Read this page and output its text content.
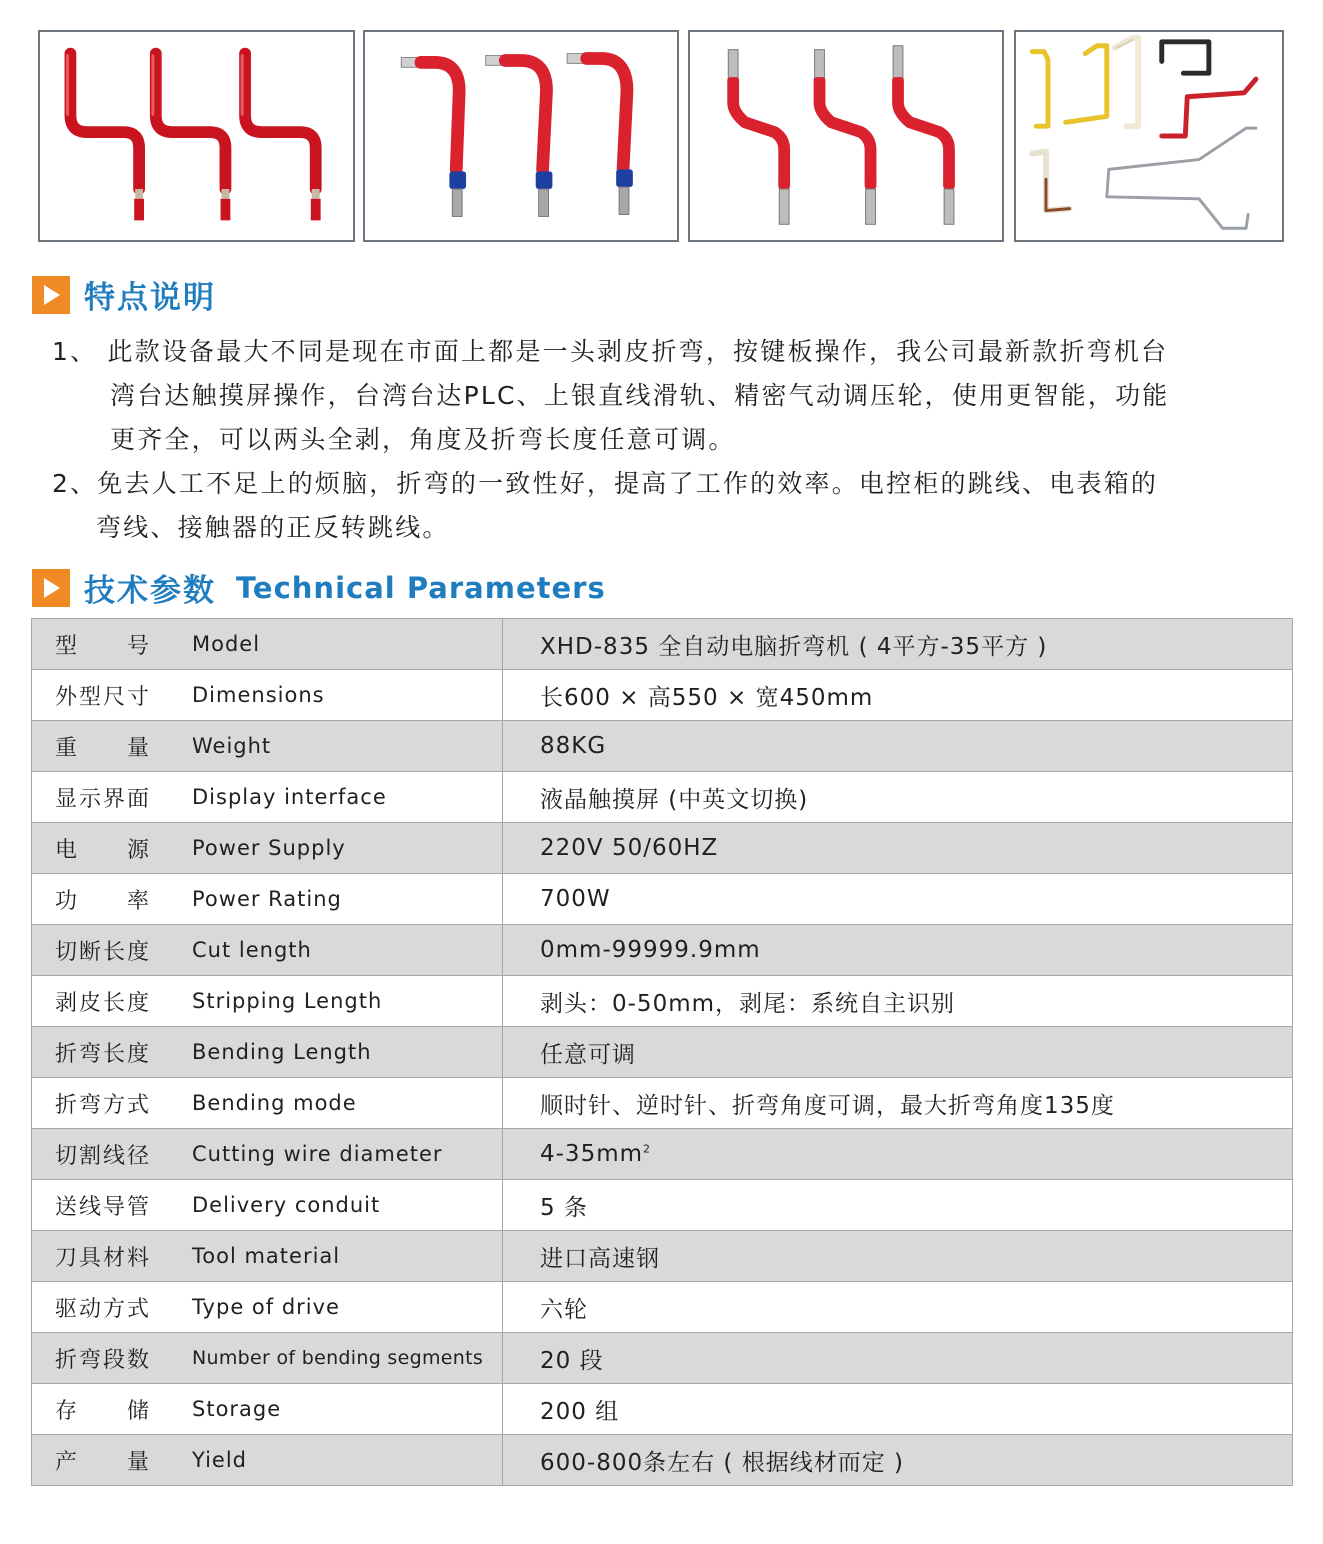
特点说明
1、 此款设备最大不同是现在市面上都是一头剥皮折弯，按键板操作，我公司最新款折弯机台
湾台达触摸屏操作，台湾台达PLC、上银直线滑轨、精密气动调压轮，使用更智能，功能
更齐全，可以两头全剥，角度及折弯长度任意可调。
2、免去人工不足上的烦脑，折弯的一致性好，提高了工作的效率。电控柜的跳线、电表箱的
弯线、接触器的正反转跳线。
技术参数 Technical Parameters
型　　号 Model	XHD-835 全自动电脑折弯机 ( 4平方-35平方 )

外型尺寸 Dimensions	长600 × 高550 × 宽450mm

重　　量 Weight	88KG

显示界面 Display interface	液晶触摸屏 (中英文切换)

电　　源 Power Supply	220V 50/60HZ

功　　率 Power Rating	700W

切断长度 Cut length	0mm-99999.9mm

剥皮长度 Stripping Length	剥头：0-50mm，剥尾：系统自主识别

折弯长度 Bending Length	任意可调

折弯方式 Bending mode	顺时针、逆时针、折弯角度可调，最大折弯角度135度

切割线径 Cutting wire diameter	$4-35mm^2$

送线导管 Delivery conduit	5 条

刀具材料 Tool material	进口高速钢

驱动方式 Type of drive	六轮

折弯段数 Number of bending segments	20 段

存　　储 Storage	200 组

产　　量 Yield	600-800条左右 ( 根据线材而定 )
